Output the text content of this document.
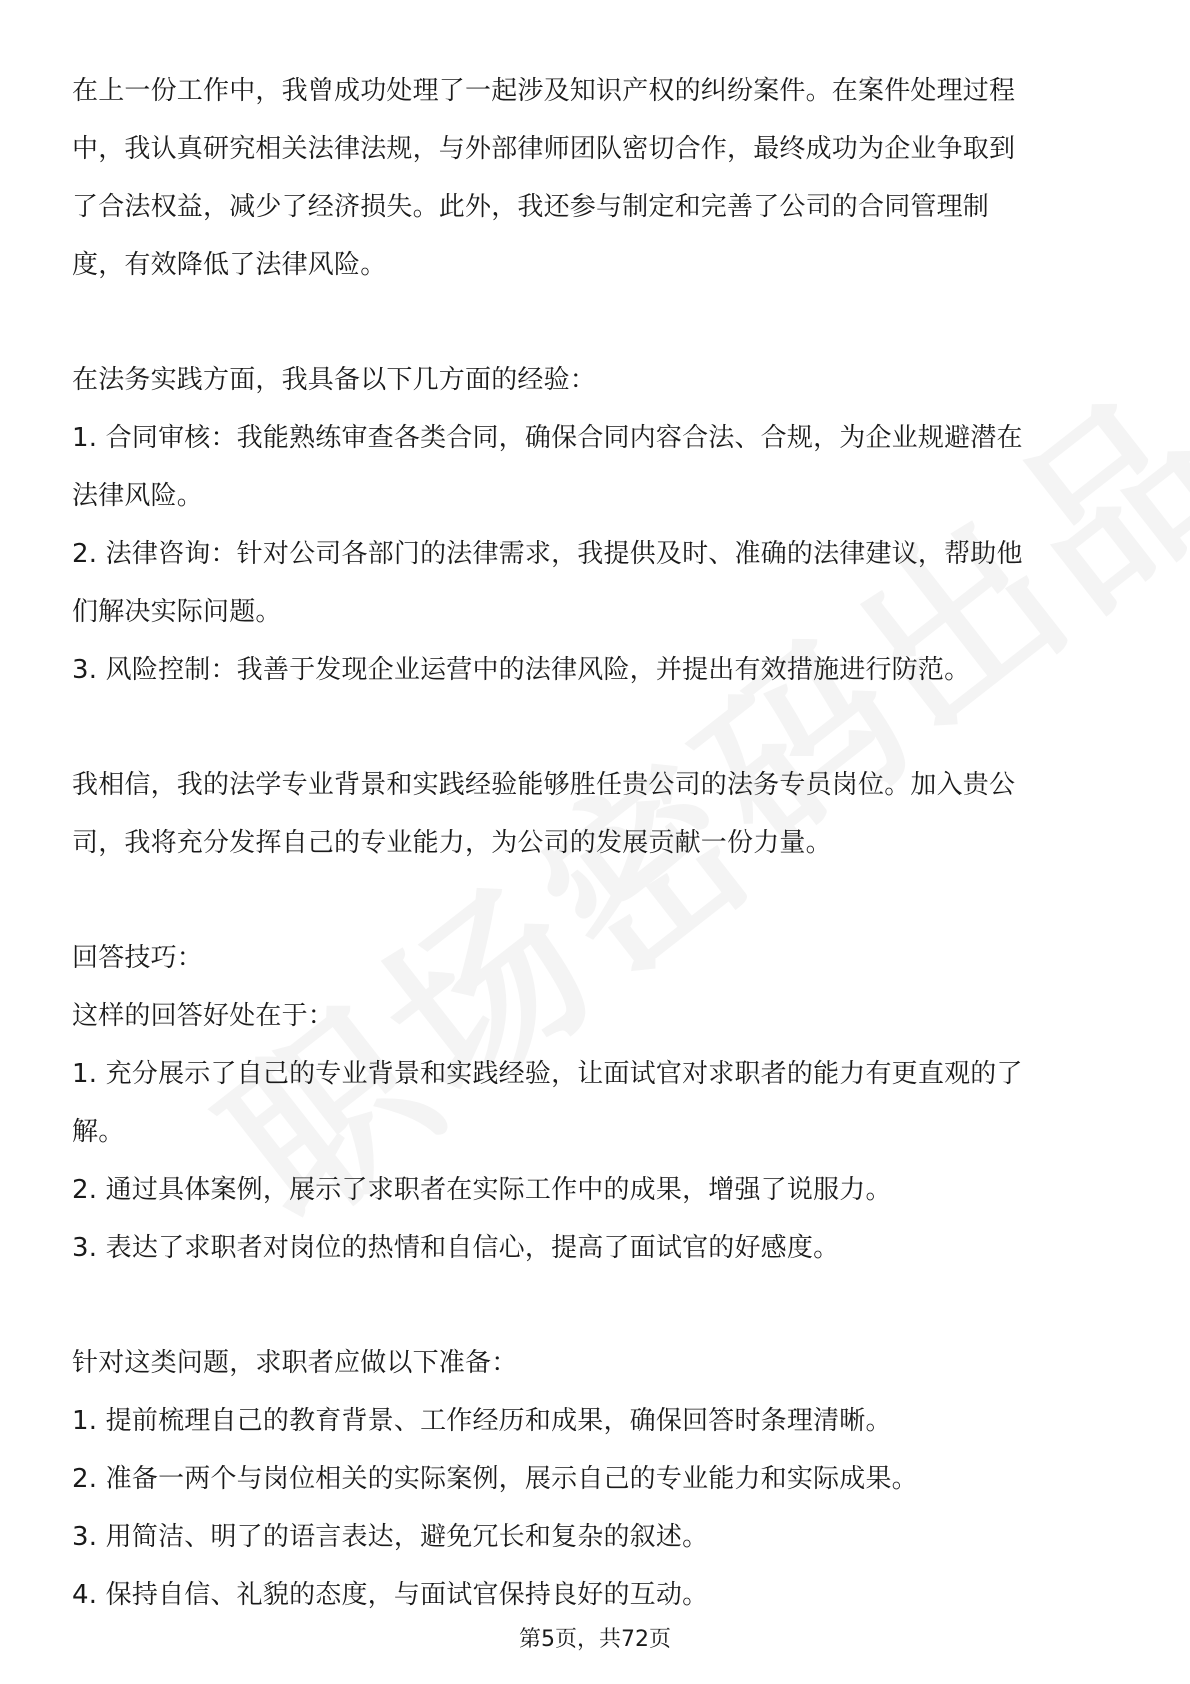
在上一份工作中，我曾成功处理了一起涉及知识产权的纠纷案件。在案件处理过程
中，我认真研究相关法律法规，与外部律师团队密切合作，最终成功为企业争取到
了合法权益，减少了经济损失。此外，我还参与制定和完善了公司的合同管理制
度，有效降低了法律风险。
在法务实践方面，我具备以下几方面的经验：
1. 合同审核：我能熟练审查各类合同，确保合同内容合法、合规，为企业规避潜在
法律风险。
2. 法律咨询：针对公司各部门的法律需求，我提供及时、准确的法律建议，帮助他
们解决实际问题。
3. 风险控制：我善于发现企业运营中的法律风险，并提出有效措施进行防范。
我相信，我的法学专业背景和实践经验能够胜任贵公司的法务专员岗位。加入贵公
司，我将充分发挥自己的专业能力，为公司的发展贡献一份力量。
回答技巧：
这样的回答好处在于：
1. 充分展示了自己的专业背景和实践经验，让面试官对求职者的能力有更直观的了
解。
2. 通过具体案例，展示了求职者在实际工作中的成果，增强了说服力。
3. 表达了求职者对岗位的热情和自信心，提高了面试官的好感度。
针对这类问题，求职者应做以下准备：
1. 提前梳理自己的教育背景、工作经历和成果，确保回答时条理清晰。
2. 准备一两个与岗位相关的实际案例，展示自己的专业能力和实际成果。
3. 用简洁、明了的语言表达，避免冗长和复杂的叙述。
4. 保持自信、礼貌的态度，与面试官保持良好的互动。
第5页，共72页
